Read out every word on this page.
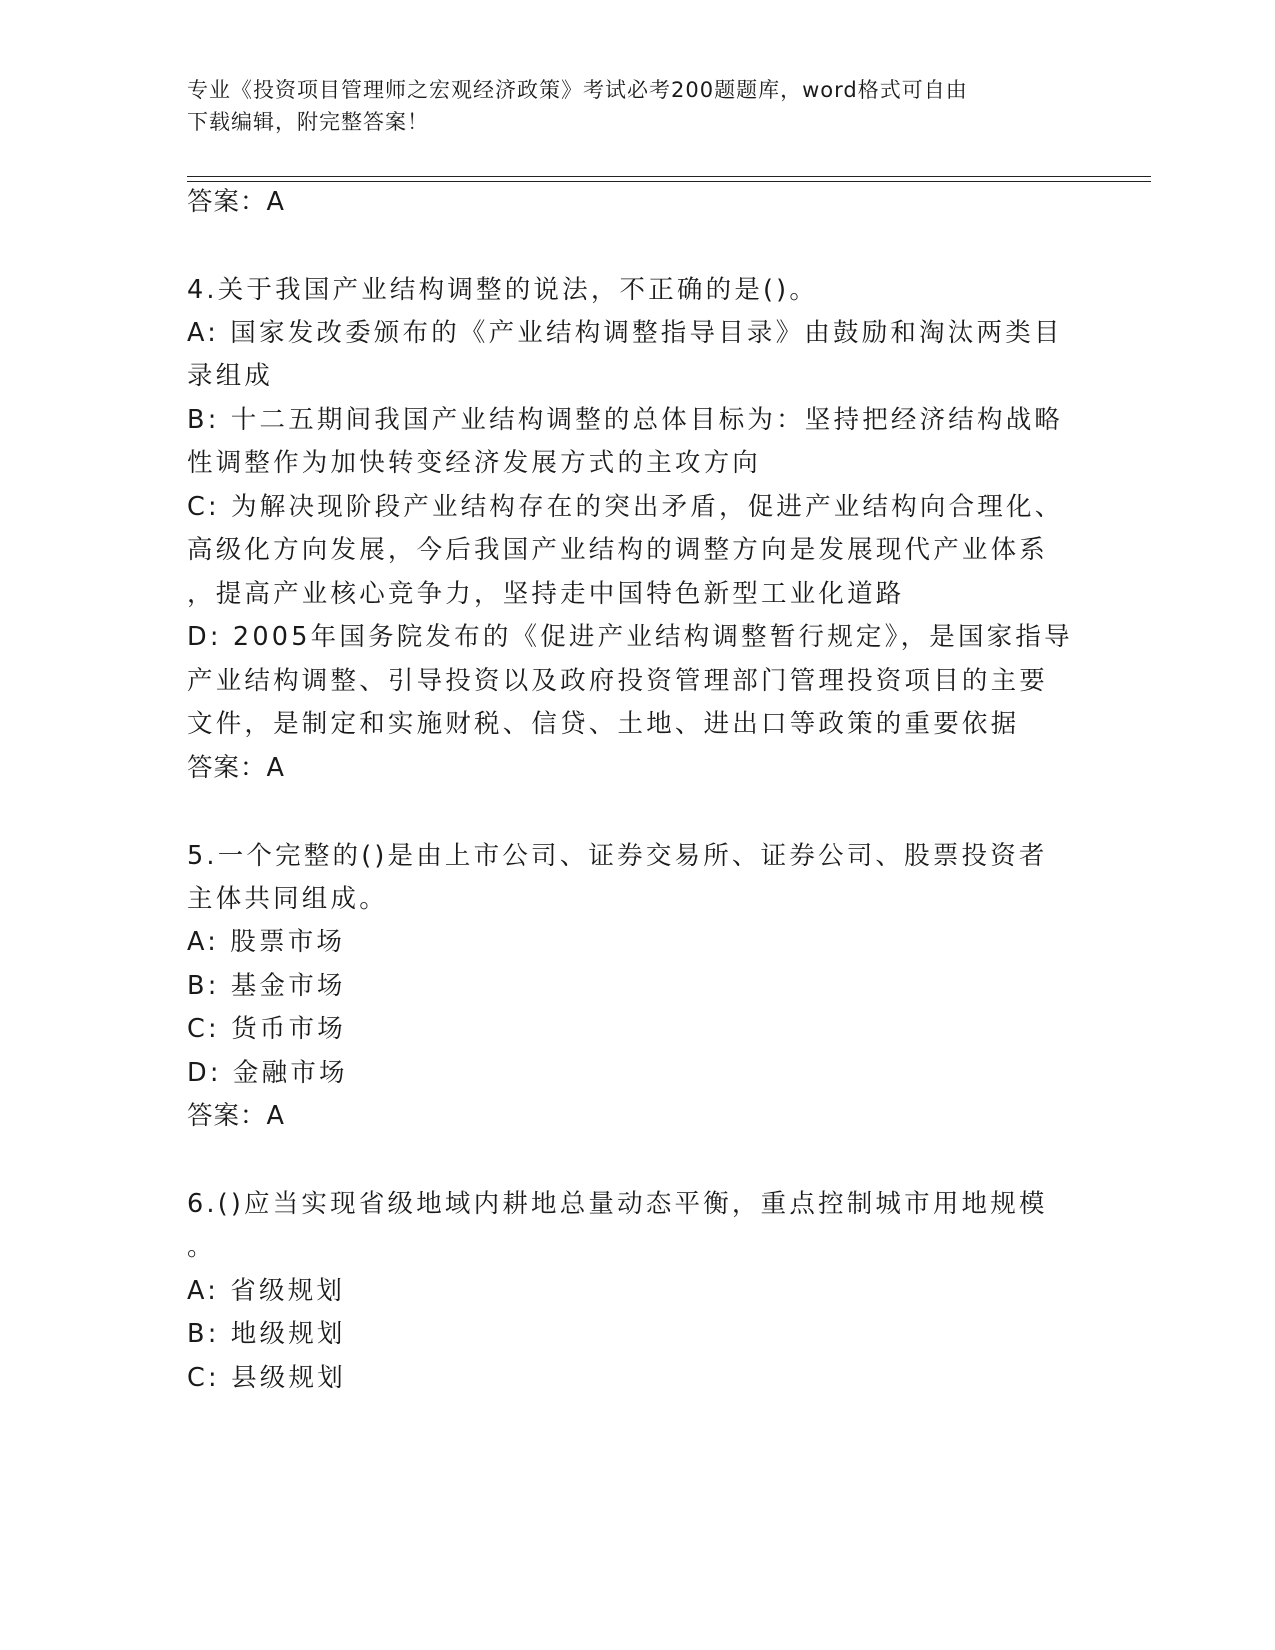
专业《投资项目管理师之宏观经济政策》考试必考200题题库，word格式可自由
下载编辑，附完整答案！
答案：A
4.关于我国产业结构调整的说法，不正确的是()。
A: 国家发改委颁布的《产业结构调整指导目录》由鼓励和淘汰两类目
录组成
B: 十二五期间我国产业结构调整的总体目标为：坚持把经济结构战略
性调整作为加快转变经济发展方式的主攻方向
C: 为解决现阶段产业结构存在的突出矛盾，促进产业结构向合理化、
高级化方向发展，今后我国产业结构的调整方向是发展现代产业体系
，提高产业核心竞争力，坚持走中国特色新型工业化道路
D: 2005年国务院发布的《促进产业结构调整暂行规定》，是国家指导
产业结构调整、引导投资以及政府投资管理部门管理投资项目的主要
文件，是制定和实施财税、信贷、土地、进出口等政策的重要依据
答案：A
5.一个完整的()是由上市公司、证券交易所、证券公司、股票投资者
主体共同组成。
A: 股票市场
B: 基金市场
C: 货币市场
D: 金融市场
答案：A
6.()应当实现省级地域内耕地总量动态平衡，重点控制城市用地规模
。
A: 省级规划
B: 地级规划
C: 县级规划
